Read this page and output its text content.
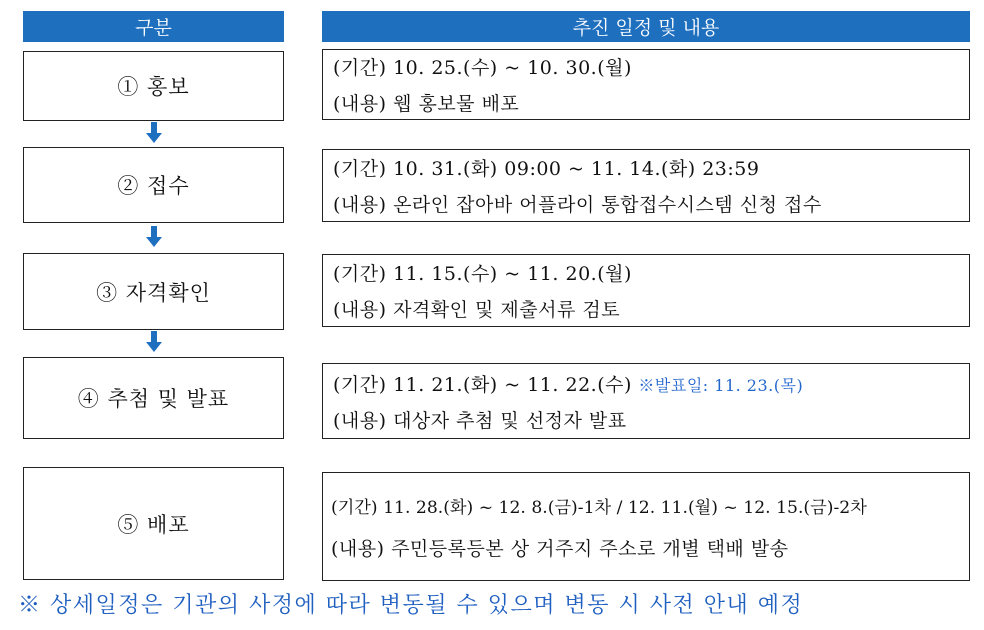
구분	추진 일정 및 내용
① 홍보
(기간) 10. 25.(수) ~ 10. 30.(월)
(내용) 웹 홍보물 배포
② 접수
(기간) 10. 31.(화) 09:00 ~ 11. 14.(화) 23:59
(내용) 온라인 잡아바 어플라이 통합접수시스템 신청 접수
③ 자격확인
(기간) 11. 15.(수) ~ 11. 20.(월)
(내용) 자격확인 및 제출서류 검토
④ 추첨 및 발표
(기간) 11. 21.(화) ~ 11. 22.(수) ※발표일: 11. 23.(목)
(내용) 대상자 추첨 및 선정자 발표
⑤ 배포
(기간) 11. 28.(화) ~ 12. 8.(금)-1차 / 12. 11.(월) ~ 12. 15.(금)-2차
(내용) 주민등록등본 상 거주지 주소로 개별 택배 발송
※ 상세일정은 기관의 사정에 따라 변동될 수 있으며 변동 시 사전 안내 예정
